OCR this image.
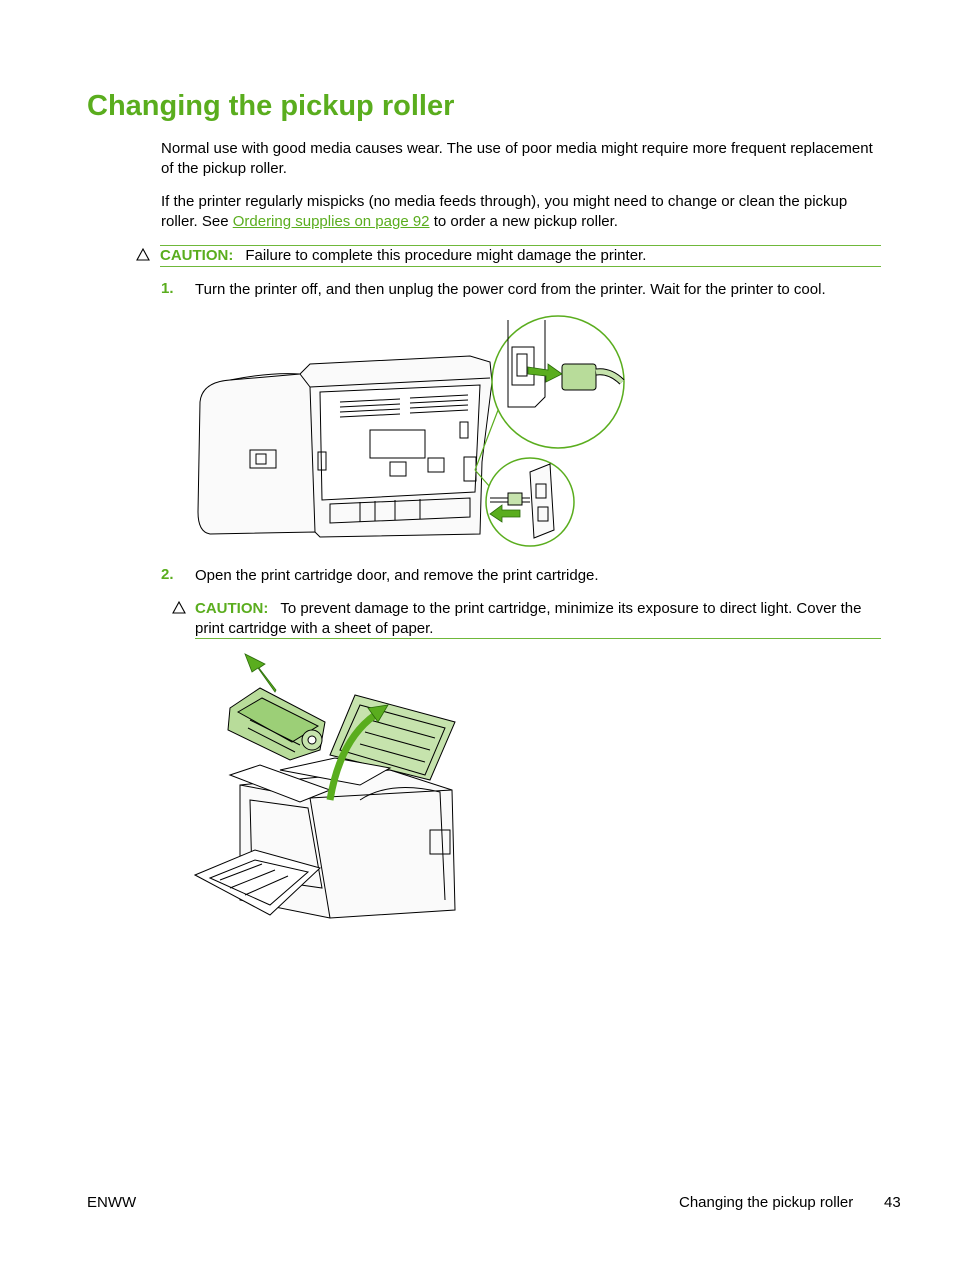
Changing the pickup roller

Normal use with good media causes wear. The use of poor media might require more frequent replacement of the pickup roller.

If the printer regularly mispicks (no media feeds through), you might need to change or clean the pickup roller. See Ordering supplies on page 92 to order a new pickup roller.

CAUTION: Failure to complete this procedure might damage the printer.
1. Turn the printer off, and then unplug the power cord from the printer. Wait for the printer to cool.
2. Open the print cartridge door, and remove the print cartridge.
CAUTION: To prevent damage to the print cartridge, minimize its exposure to direct light. Cover the print cartridge with a sheet of paper.
ENWW	Changing the pickup roller 43
